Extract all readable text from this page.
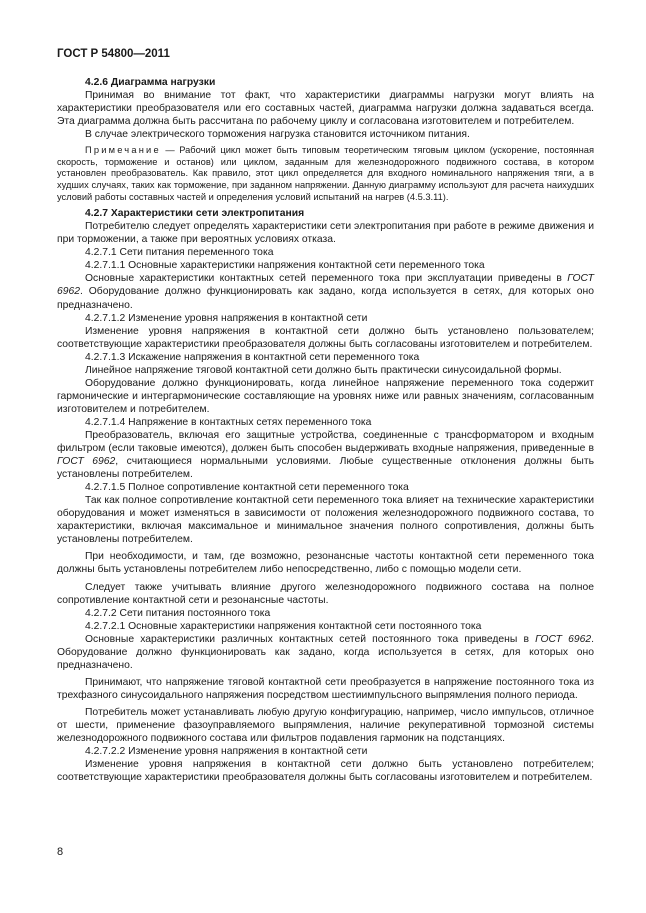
ГОСТ Р 54800—2011

4.2.6 Диаграмма нагрузки

Принимая во внимание тот факт, что характеристики диаграммы нагрузки могут влиять на характеристики преобразователя или его составных частей, диаграмма нагрузки должна задаваться всегда. Эта диаграмма должна быть рассчитана по рабочему циклу и согласована изготовителем и потребителем.

В случае электрического торможения нагрузка становится источником питания.

Примечание — Рабочий цикл может быть типовым теоретическим тяговым циклом (ускорение, постоянная скорость, торможение и останов) или циклом, заданным для железнодорожного подвижного состава, в котором установлен преобразователь. Как правило, этот цикл определяется для входного номинального напряжения тяги, а в худших случаях, таких как торможение, при заданном напряжении. Данную диаграмму используют для расчета наихудших условий работы составных частей и определения условий испытаний на нагрев (4.5.3.11).

4.2.7 Характеристики сети электропитания

Потребителю следует определять характеристики сети электропитания при работе в режиме движения и при торможении, а также при вероятных условиях отказа.

4.2.7.1 Сети питания переменного тока

4.2.7.1.1 Основные характеристики напряжения контактной сети переменного тока

Основные характеристики контактных сетей переменного тока при эксплуатации приведены в ГОСТ 6962. Оборудование должно функционировать как задано, когда используется в сетях, для которых оно предназначено.

4.2.7.1.2 Изменение уровня напряжения в контактной сети

Изменение уровня напряжения в контактной сети должно быть установлено пользователем; соответствующие характеристики преобразователя должны быть согласованы изготовителем и потребителем.

4.2.7.1.3 Искажение напряжения в контактной сети переменного тока

Линейное напряжение тяговой контактной сети должно быть практически синусоидальной формы.

Оборудование должно функционировать, когда линейное напряжение переменного тока содержит гармонические и интергармонические составляющие на уровнях ниже или равных значениям, согласованным изготовителем и потребителем.

4.2.7.1.4 Напряжение в контактных сетях переменного тока

Преобразователь, включая его защитные устройства, соединенные с трансформатором и входным фильтром (если таковые имеются), должен быть способен выдерживать входные напряжения, приведенные в ГОСТ 6962, считающиеся нормальными условиями. Любые существенные отклонения должны быть установлены потребителем.

4.2.7.1.5 Полное сопротивление контактной сети переменного тока

Так как полное сопротивление контактной сети переменного тока влияет на технические характеристики оборудования и может изменяться в зависимости от положения железнодорожного подвижного состава, то характеристики, включая максимальное и минимальное значения полного сопротивления, должны быть установлены потребителем.

При необходимости, и там, где возможно, резонансные частоты контактной сети переменного тока должны быть установлены потребителем либо непосредственно, либо с помощью модели сети.

Следует также учитывать влияние другого железнодорожного подвижного состава на полное сопротивление контактной сети и резонансные частоты.

4.2.7.2 Сети питания постоянного тока

4.2.7.2.1 Основные характеристики напряжения контактной сети постоянного тока

Основные характеристики различных контактных сетей постоянного тока приведены в ГОСТ 6962. Оборудование должно функционировать как задано, когда используется в сетях, для которых оно предназначено.

Принимают, что напряжение тяговой контактной сети преобразуется в напряжение постоянного тока из трехфазного синусоидального напряжения посредством шестиимпульсного выпрямления полного периода.

Потребитель может устанавливать любую другую конфигурацию, например, число импульсов, отличное от шести, применение фазоуправляемого выпрямления, наличие рекуперативной тормозной системы железнодорожного подвижного состава или фильтров подавления гармоник на подстанциях.

4.2.7.2.2 Изменение уровня напряжения в контактной сети

Изменение уровня напряжения в контактной сети должно быть установлено потребителем; соответствующие характеристики преобразователя должны быть согласованы изготовителем и потребителем.

8
